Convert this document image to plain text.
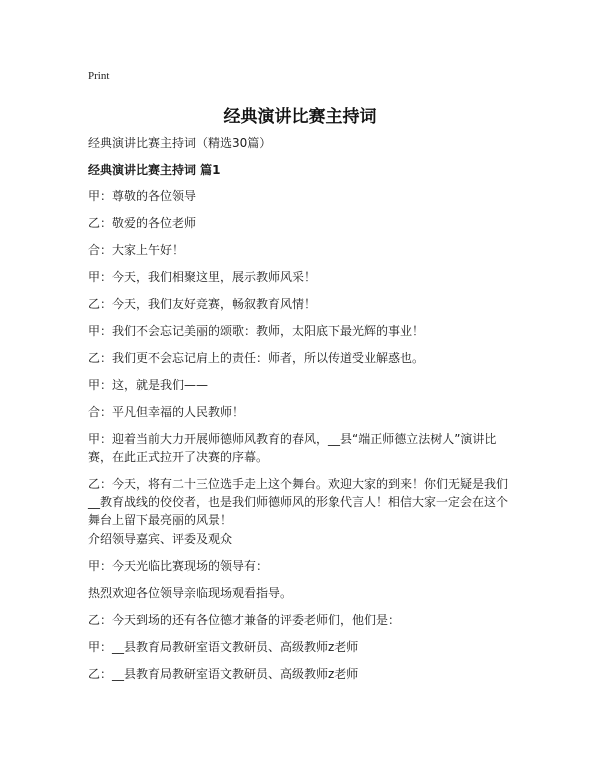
Print
经典演讲比赛主持词
经典演讲比赛主持词（精选30篇）
经典演讲比赛主持词 篇1
甲：尊敬的各位领导
乙：敬爱的各位老师
合：大家上午好！
甲：今天，我们相聚这里，展示教师风采！
乙：今天，我们友好竞赛，畅叙教育风情！
甲：我们不会忘记美丽的颂歌：教师，太阳底下最光辉的事业！
乙：我们更不会忘记肩上的责任：师者，所以传道受业解惑也。
甲：这，就是我们——
合：平凡但幸福的人民教师！
甲：迎着当前大力开展师德师风教育的春风，__县“端正师德立法树人”演讲比赛，在此正式拉开了决赛的序幕。
乙：今天，将有二十三位选手走上这个舞台。欢迎大家的到来！你们无疑是我们__教育战线的佼佼者，也是我们师德师风的形象代言人！相信大家一定会在这个舞台上留下最亮丽的风景！
介绍领导嘉宾、评委及观众
甲：今天光临比赛现场的领导有：
热烈欢迎各位领导亲临现场观看指导。
乙：今天到场的还有各位德才兼备的评委老师们，他们是：
甲：__县教育局教研室语文教研员、高级教师z老师
乙：__县教育局教研室语文教研员、高级教师z老师
